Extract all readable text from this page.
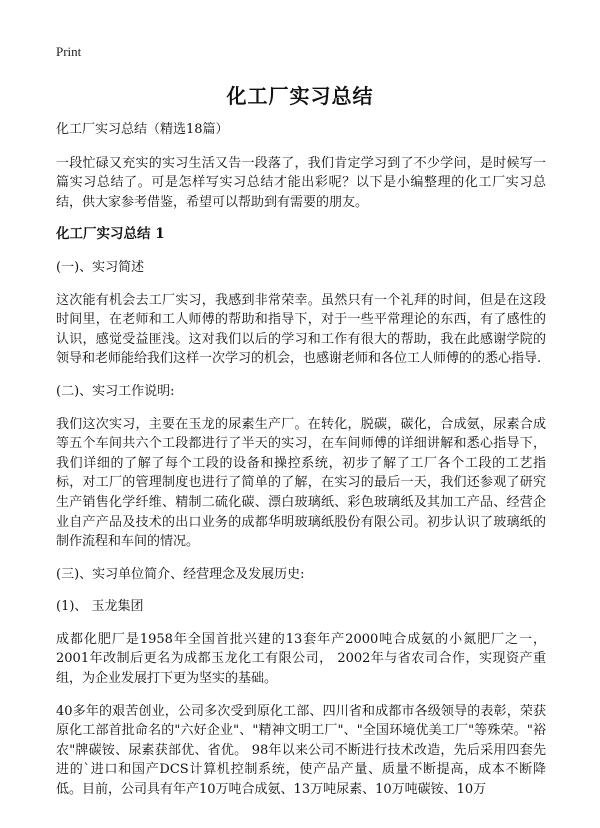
Print
化工厂实习总结

化工厂实习总结（精选18篇）

一段忙碌又充实的实习生活又告一段落了，我们肯定学习到了不少学问，是时候写一篇实习总结了。可是怎样写实习总结才能出彩呢？以下是小编整理的化工厂实习总结，供大家参考借鉴，希望可以帮助到有需要的朋友。

化工厂实习总结 1

(一)、实习简述

这次能有机会去工厂实习，我感到非常荣幸。虽然只有一个礼拜的时间，但是在这段时间里，在老师和工人师傅的帮助和指导下，对于一些平常理论的东西，有了感性的认识，感觉受益匪浅。这对我们以后的学习和工作有很大的帮助，我在此感谢学院的领导和老师能给我们这样一次学习的机会，也感谢老师和各位工人师傅的的悉心指导.

(二)、实习工作说明:

我们这次实习，主要在玉龙的尿素生产厂。在转化，脱碳，碳化，合成氨，尿素合成等五个车间共六个工段都进行了半天的实习，在车间师傅的详细讲解和悉心指导下，我们详细的了解了每个工段的设备和操控系统，初步了解了工厂各个工段的工艺指标，对工厂的管理制度也进行了简单的了解，在实习的最后一天，我们还参观了研究生产销售化学纤维、精制二硫化碳、漂白玻璃纸、彩色玻璃纸及其加工产品、经营企业自产产品及技术的出口业务的成都华明玻璃纸股份有限公司。初步认识了玻璃纸的制作流程和车间的情况。

(三)、实习单位简介、经营理念及发展历史:

(1)、 玉龙集团

成都化肥厂是1958年全国首批兴建的13套年产2000吨合成氨的小氮肥厂之一，2001年改制后更名为成都玉龙化工有限公司， 2002年与省农司合作，实现资产重组，为企业发展打下更为坚实的基础。

40多年的艰苦创业，公司多次受到原化工部、四川省和成都市各级领导的表彰，荣获原化工部首批命名的"六好企业"、"精神文明工厂"、"全国环境优美工厂"等殊荣。"裕农"牌碳铵、尿素获部优、省优。 98年以来公司不断进行技术改造，先后采用四套先进的`进口和国产DCS计算机控制系统，使产品产量、质量不断提高，成本不断降低。目前，公司具有年产10万吨合成氨、13万吨尿素、10万吨碳铵、10万
